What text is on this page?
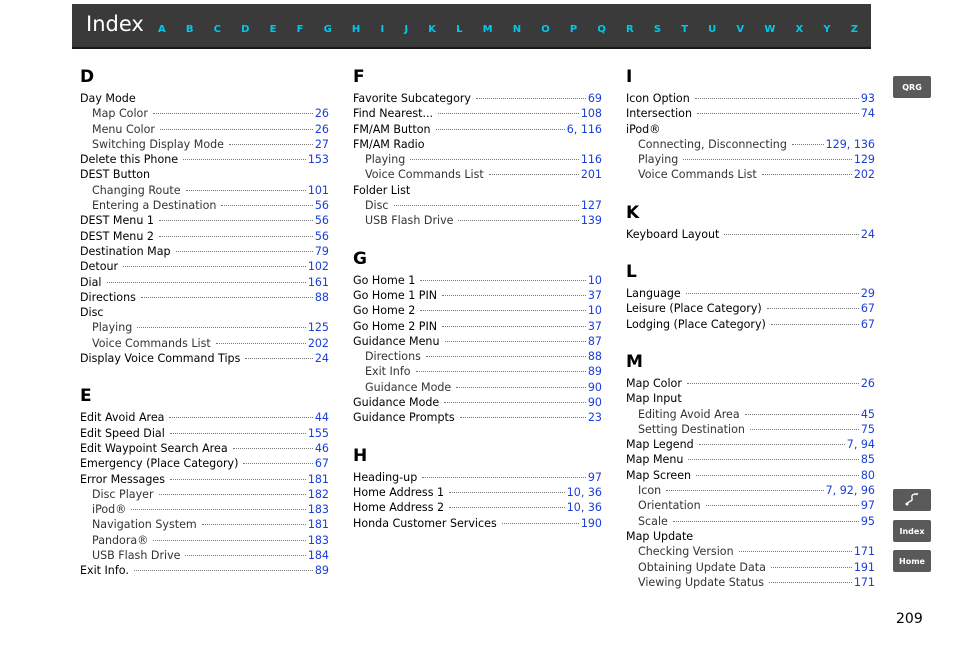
Index A B C D E F G H I J K L M N O P Q R S T U V W X Y Z
D
Day Mode
Map Color	26
Menu Color	26
Switching Display Mode	27
Delete this Phone	153
DEST Button
Changing Route	101
Entering a Destination	56
DEST Menu 1	56
DEST Menu 2	56
Destination Map	79
Detour	102
Dial	161
Directions	88
Disc
Playing	125
Voice Commands List	202
Display Voice Command Tips	24
E
Edit Avoid Area	44
Edit Speed Dial	155
Edit Waypoint Search Area	46
Emergency (Place Category)	67
Error Messages	181
Disc Player	182
iPod®	183
Navigation System	181
Pandora®	183
USB Flash Drive	184
Exit Info.	89
F
Favorite Subcategory	69
Find Nearest...	108
FM/AM Button	6, 116
FM/AM Radio
Playing	116
Voice Commands List	201
Folder List
Disc	127
USB Flash Drive	139
G
Go Home 1	10
Go Home 1 PIN	37
Go Home 2	10
Go Home 2 PIN	37
Guidance Menu	87
Directions	88
Exit Info	89
Guidance Mode	90
Guidance Mode	90
Guidance Prompts	23
H
Heading-up	97
Home Address 1	10, 36
Home Address 2	10, 36
Honda Customer Services	190
I
Icon Option	93
Intersection	74
iPod®
Connecting, Disconnecting	129, 136
Playing	129
Voice Commands List	202
K
Keyboard Layout	24
L
Language	29
Leisure (Place Category)	67
Lodging (Place Category)	67
M
Map Color	26
Map Input
Editing Avoid Area	45
Setting Destination	75
Map Legend	7, 94
Map Menu	85
Map Screen	80
Icon	7, 92, 96
Orientation	97
Scale	95
Map Update
Checking Version	171
Obtaining Update Data	191
Viewing Update Status	171
QRG
Index
Home
209
